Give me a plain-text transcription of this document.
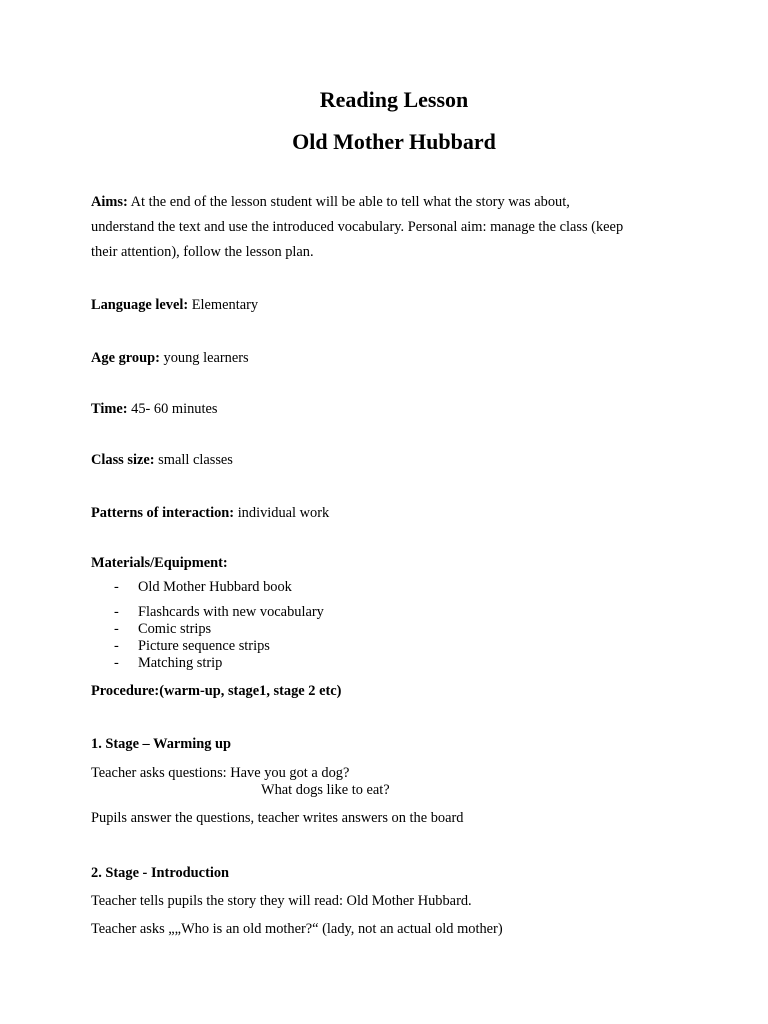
Reading Lesson
Old Mother Hubbard
Aims: At the end of the lesson student will be able to tell what the story was about,
understand the text and use the introduced vocabulary. Personal aim: manage the class (keep
their attention), follow the lesson plan.
Language level: Elementary
Age group: young learners
Time: 45- 60 minutes
Class size: small classes
Patterns of interaction: individual work
Materials/Equipment:
- Old Mother Hubbard book
- Flashcards with new vocabulary
- Comic strips
- Picture sequence strips
- Matching strip
Procedure:(warm-up, stage1, stage 2 etc)
1. Stage – Warming up
Teacher asks questions: Have you got a dog?
What dogs like to eat?
Pupils answer the questions, teacher writes answers on the board
2. Stage - Introduction
Teacher tells pupils the story they will read: Old Mother Hubbard.
Teacher asks „„Who is an old mother?“ (lady, not an actual old mother)
